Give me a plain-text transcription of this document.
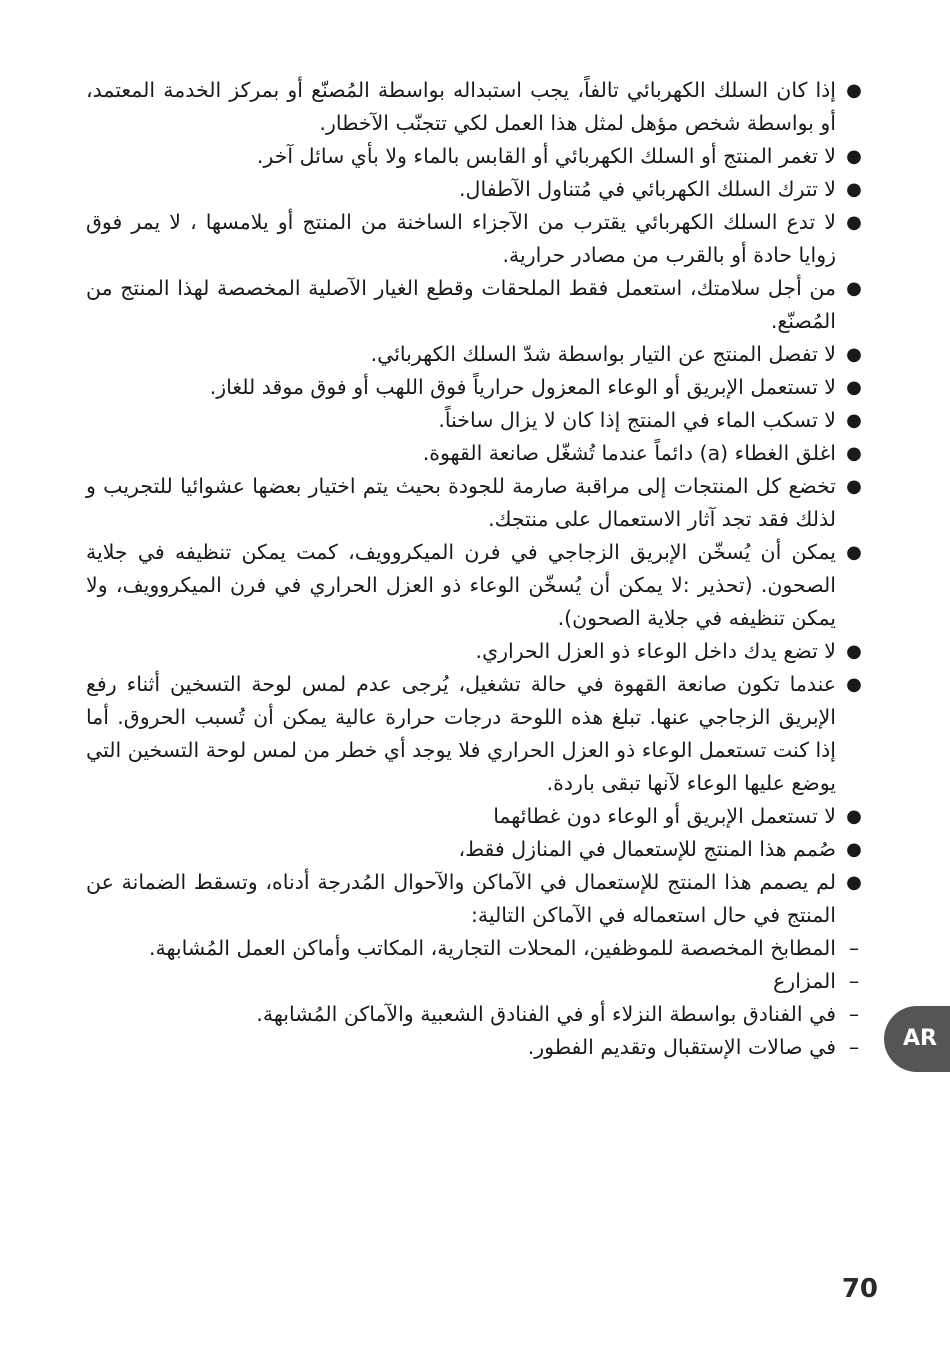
●
إذا كان السلك الكهربائي تالفاً، يجب استبداله بواسطة المُصنّع أو بمركز الخدمة المعتمد، أو بواسطة شخص مؤهل لمثل هذا العمل لكي تتجنّب الآخطار.
●
لا تغمر المنتج أو السلك الكهربائي أو القابس بالماء ولا بأي سائل آخر.
●
لا تترك السلك الكهربائي في مُتناول الآطفال.
●
لا تدع السلك الكهربائي يقترب من الآجزاء الساخنة من المنتج أو يلامسها ، لا يمر فوق زوايا حادة أو بالقرب من مصادر حرارية.
●
من أجل سلامتك، استعمل فقط الملحقات وقطع الغيار الآصلية المخصصة لهذا المنتج من المُصنّع.
●
لا تفصل المنتج عن التيار بواسطة شدّ السلك الكهربائي.
●
لا تستعمل الإبريق أو الوعاء المعزول حرارياً فوق اللهب أو فوق موقد للغاز.
●
لا تسكب الماء في المنتج إذا كان لا يزال ساخناً.
●
اغلق الغطاء (a) دائماً عندما تُشغّل صانعة القهوة.
●
تخضع كل المنتجات إلى مراقبة صارمة للجودة بحيث يتم اختيار بعضها عشوائيا للتجريب و لذلك فقد تجد آثار الاستعمال على منتجك.
●
يمكن أن يُسخّن الإبريق الزجاجي في فرن الميكروويف، كمت يمكن تنظيفه في جلاية الصحون. (تحذير :لا يمكن أن يُسخّن الوعاء ذو العزل الحراري في فرن الميكروويف، ولا يمكن تنظيفه في جلاية الصحون).
●
لا تضع يدك داخل الوعاء ذو العزل الحراري.
●
عندما تكون صانعة القهوة في حالة تشغيل، يُرجى عدم لمس لوحة التسخين أثناء رفع الإبريق الزجاجي عنها. تبلغ هذه اللوحة درجات حرارة عالية يمكن أن تُسبب الحروق. أما إذا كنت تستعمل الوعاء ذو العزل الحراري فلا يوجد أي خطر من لمس لوحة التسخين التي يوضع عليها الوعاء لآنها تبقى باردة.
●
لا تستعمل الإبريق أو الوعاء دون غطائهما
●
صُمم هذا المنتج للإستعمال في المنازل فقط،
●
لم يصمم هذا المنتج للإستعمال في الآماكن والآحوال المُدرجة أدناه، وتسقط الضمانة عن المنتج في حال استعماله في الآماكن التالية:
–
المطابخ المخصصة للموظفين، المحلات التجارية، المكاتب وأماكن العمل المُشابهة.
–
المزارع
–
في الفنادق بواسطة النزلاء أو في الفنادق الشعبية والآماكن المُشابهة.
–
في صالات الإستقبال وتقديم الفطور.	AR
70
